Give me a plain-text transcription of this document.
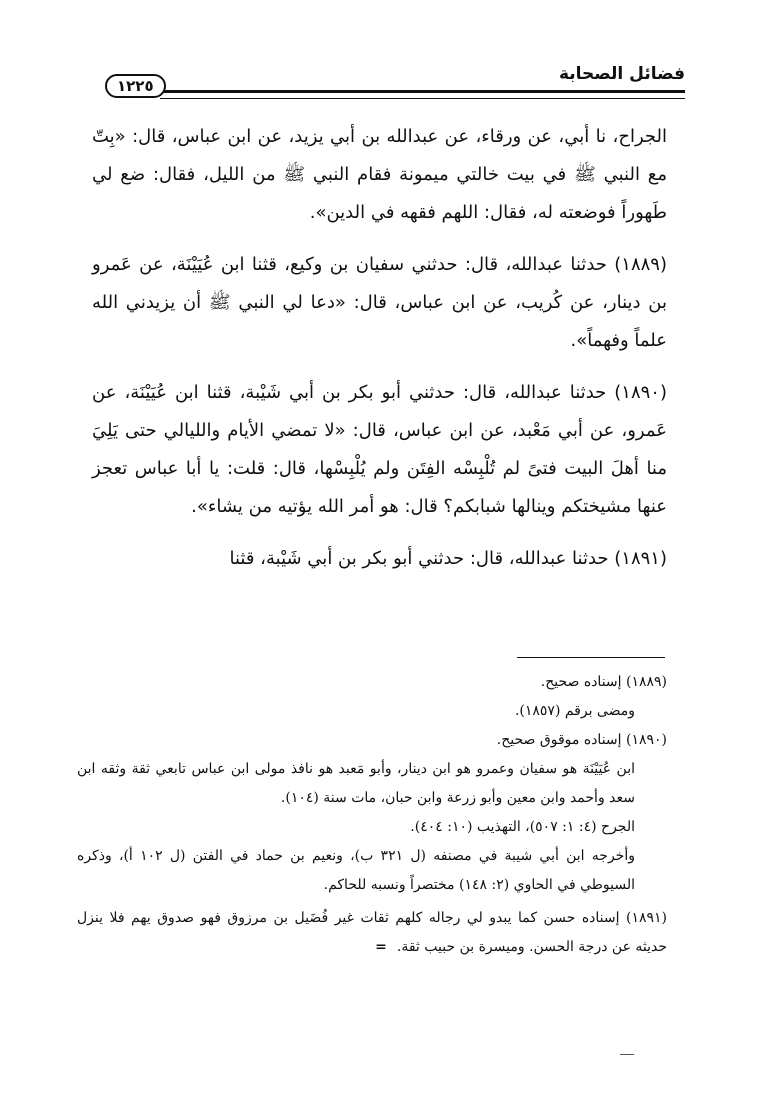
فضائل الصحابة
١٢٢٥

الجراح، نا أبي، عن ورقاء، عن عبدالله بن أبي يزيد، عن ابن عباس، قال: «بِتّ مع النبي ﷺ في بيت خالتي ميمونة فقام النبي ﷺ من الليل، فقال: ضع لي طَهوراً فوضعته له، فقال: اللهم فقهه في الدين».

(١٨٨٩) حدثنا عبدالله، قال: حدثني سفيان بن وكيع، قثنا ابن عُيَيْنَة، عن عَمرو بن دينار، عن كُريب، عن ابن عباس، قال: «دعا لي النبي ﷺ أن يزيدني الله علماً وفهماً».

(١٨٩٠) حدثنا عبدالله، قال: حدثني أبو بكر بن أبي شَيْبة، قثنا ابن عُيَيْنَة، عن عَمرو، عن أبي مَعْبد، عن ابن عباس، قال: «لا تمضي الأيام والليالي حتى يَلِيَ منا أهلَ البيت فتىً لم تُلْبِسْه الفِتَن ولم يُلْبِسْها، قال: قلت: يا أبا عباس تعجز عنها مشيختكم وينالها شبابكم؟ قال: هو أمر الله يؤتيه من يشاء».

(١٨٩١) حدثنا عبدالله، قال: حدثني أبو بكر بن أبي شَيْبة، قثنا

(١٨٨٩) إسناده صحيح.

ومضى برقم (١٨٥٧).

(١٨٩٠) إسناده موقوق صحيح.

ابن عُيَيْنَة هو سفيان وعمرو هو ابن دينار، وأبو مَعبد هو نافذ مولى ابن عباس تابعي ثقة وثقه ابن سعد وأحمد وابن معين وأبو زرعة وابن حبان، مات سنة (١٠٤).

الجرح (٤: ١: ٥٠٧)، التهذيب (١٠: ٤٠٤).

وأخرجه ابن أبي شيبة في مصنفه (ل ٣٢١ ب)، ونعيم بن حماد في الفتن (ل ١٠٢ أ)، وذكره السيوطي في الحاوي (٢: ١٤٨) مختصراً ونسبه للحاكم.

(١٨٩١) إسناده حسن كما يبدو لي رجاله كلهم ثقات غير فُضَيل بن مرزوق فهو صدوق يهم فلا ينزل حديثه عن درجة الحسن. وميسرة بن حبيب ثقة.=
